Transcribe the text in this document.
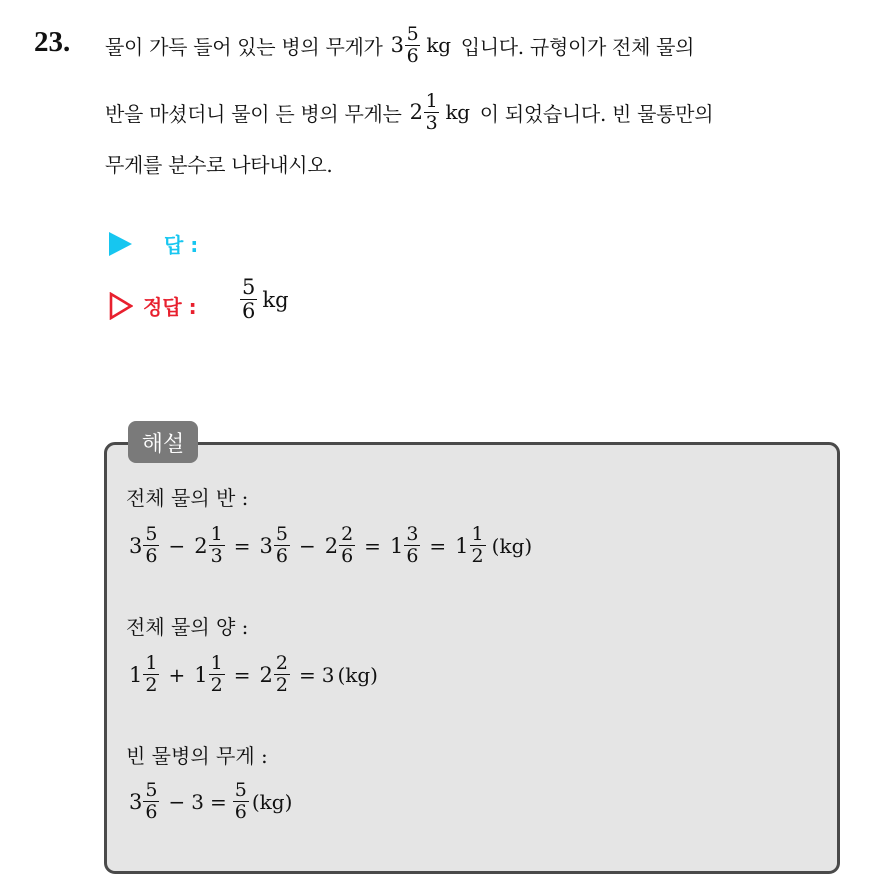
23. 물이 가득 들어 있는 병의 무게가 $3 \frac{5}{6}$ kg 입니다. 규형이가 전체 물의
반을 마셨더니 물이 든 병의 무게는 $2 \frac{1}{3}$ kg 이 되었습니다. 빈 물통만의
무게를 분수로 나타내시오.
답 :
정답 : $\frac{5}{6}$ kg
해설
전체 물의 반 :
$3 \frac{5}{6} - 2 \frac{1}{3} = 3 \frac{5}{6} - 2 \frac{2}{6} = 1 \frac{3}{6} = 1 \frac{1}{2}$ ( kg )
전체 물의 양 :
$1 \frac{1}{2} + 1 \frac{1}{2} = 2 \frac{2}{2} = 3$ ( kg )
빈 물병의 무게 :
$3 \frac{5}{6} - 3 = \frac{5}{6}$ ( kg )
